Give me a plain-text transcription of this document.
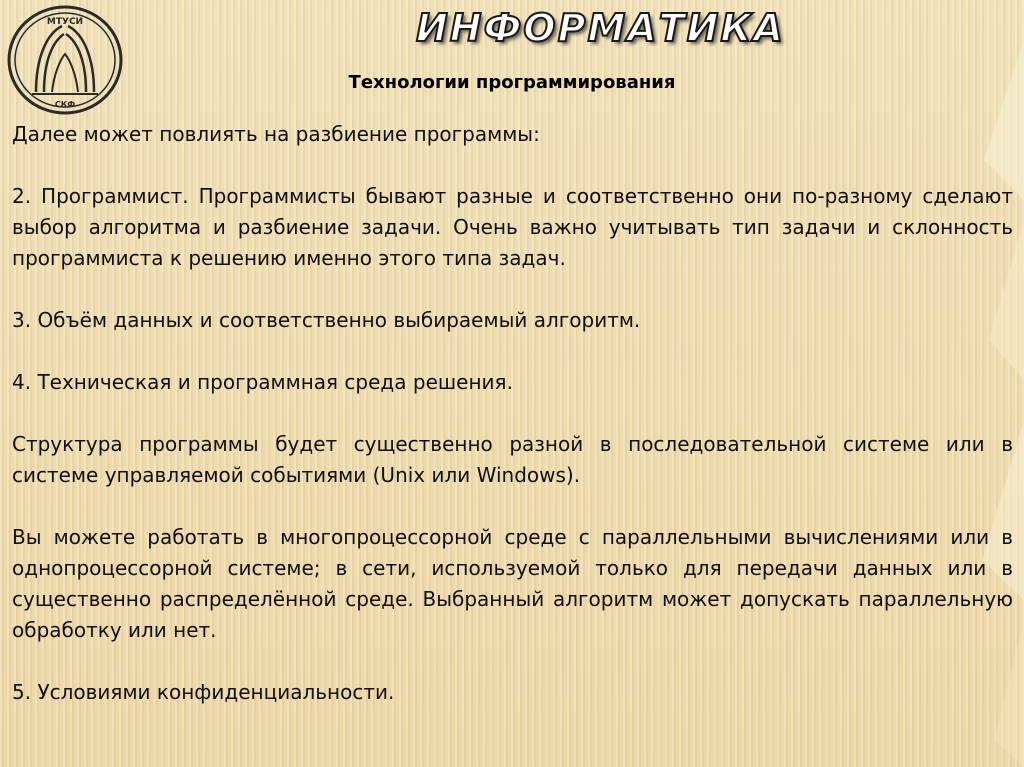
МТУСИ
СКФ
ИНФОРМАТИКА
Технологии программирования

Далее может повлиять на разбиение программы:

2. Программист. Программисты бывают разные и соответственно они по-разному сделают выбор алгоритма и разбиение задачи. Очень важно учитывать тип задачи и склонность программиста к решению именно этого типа задач.

3. Объём данных и соответственно выбираемый алгоритм.

4. Техническая и программная среда решения.

Структура программы будет существенно разной в последовательной системе или в системе управляемой событиями (Unix или Windows).

Вы можете работать в многопроцессорной среде с параллельными вычислениями или в однопроцессорной системе; в сети, используемой только для передачи данных или в существенно распределённой среде. Выбранный алгоритм может допускать параллельную обработку или нет.

5. Условиями конфиденциальности.
